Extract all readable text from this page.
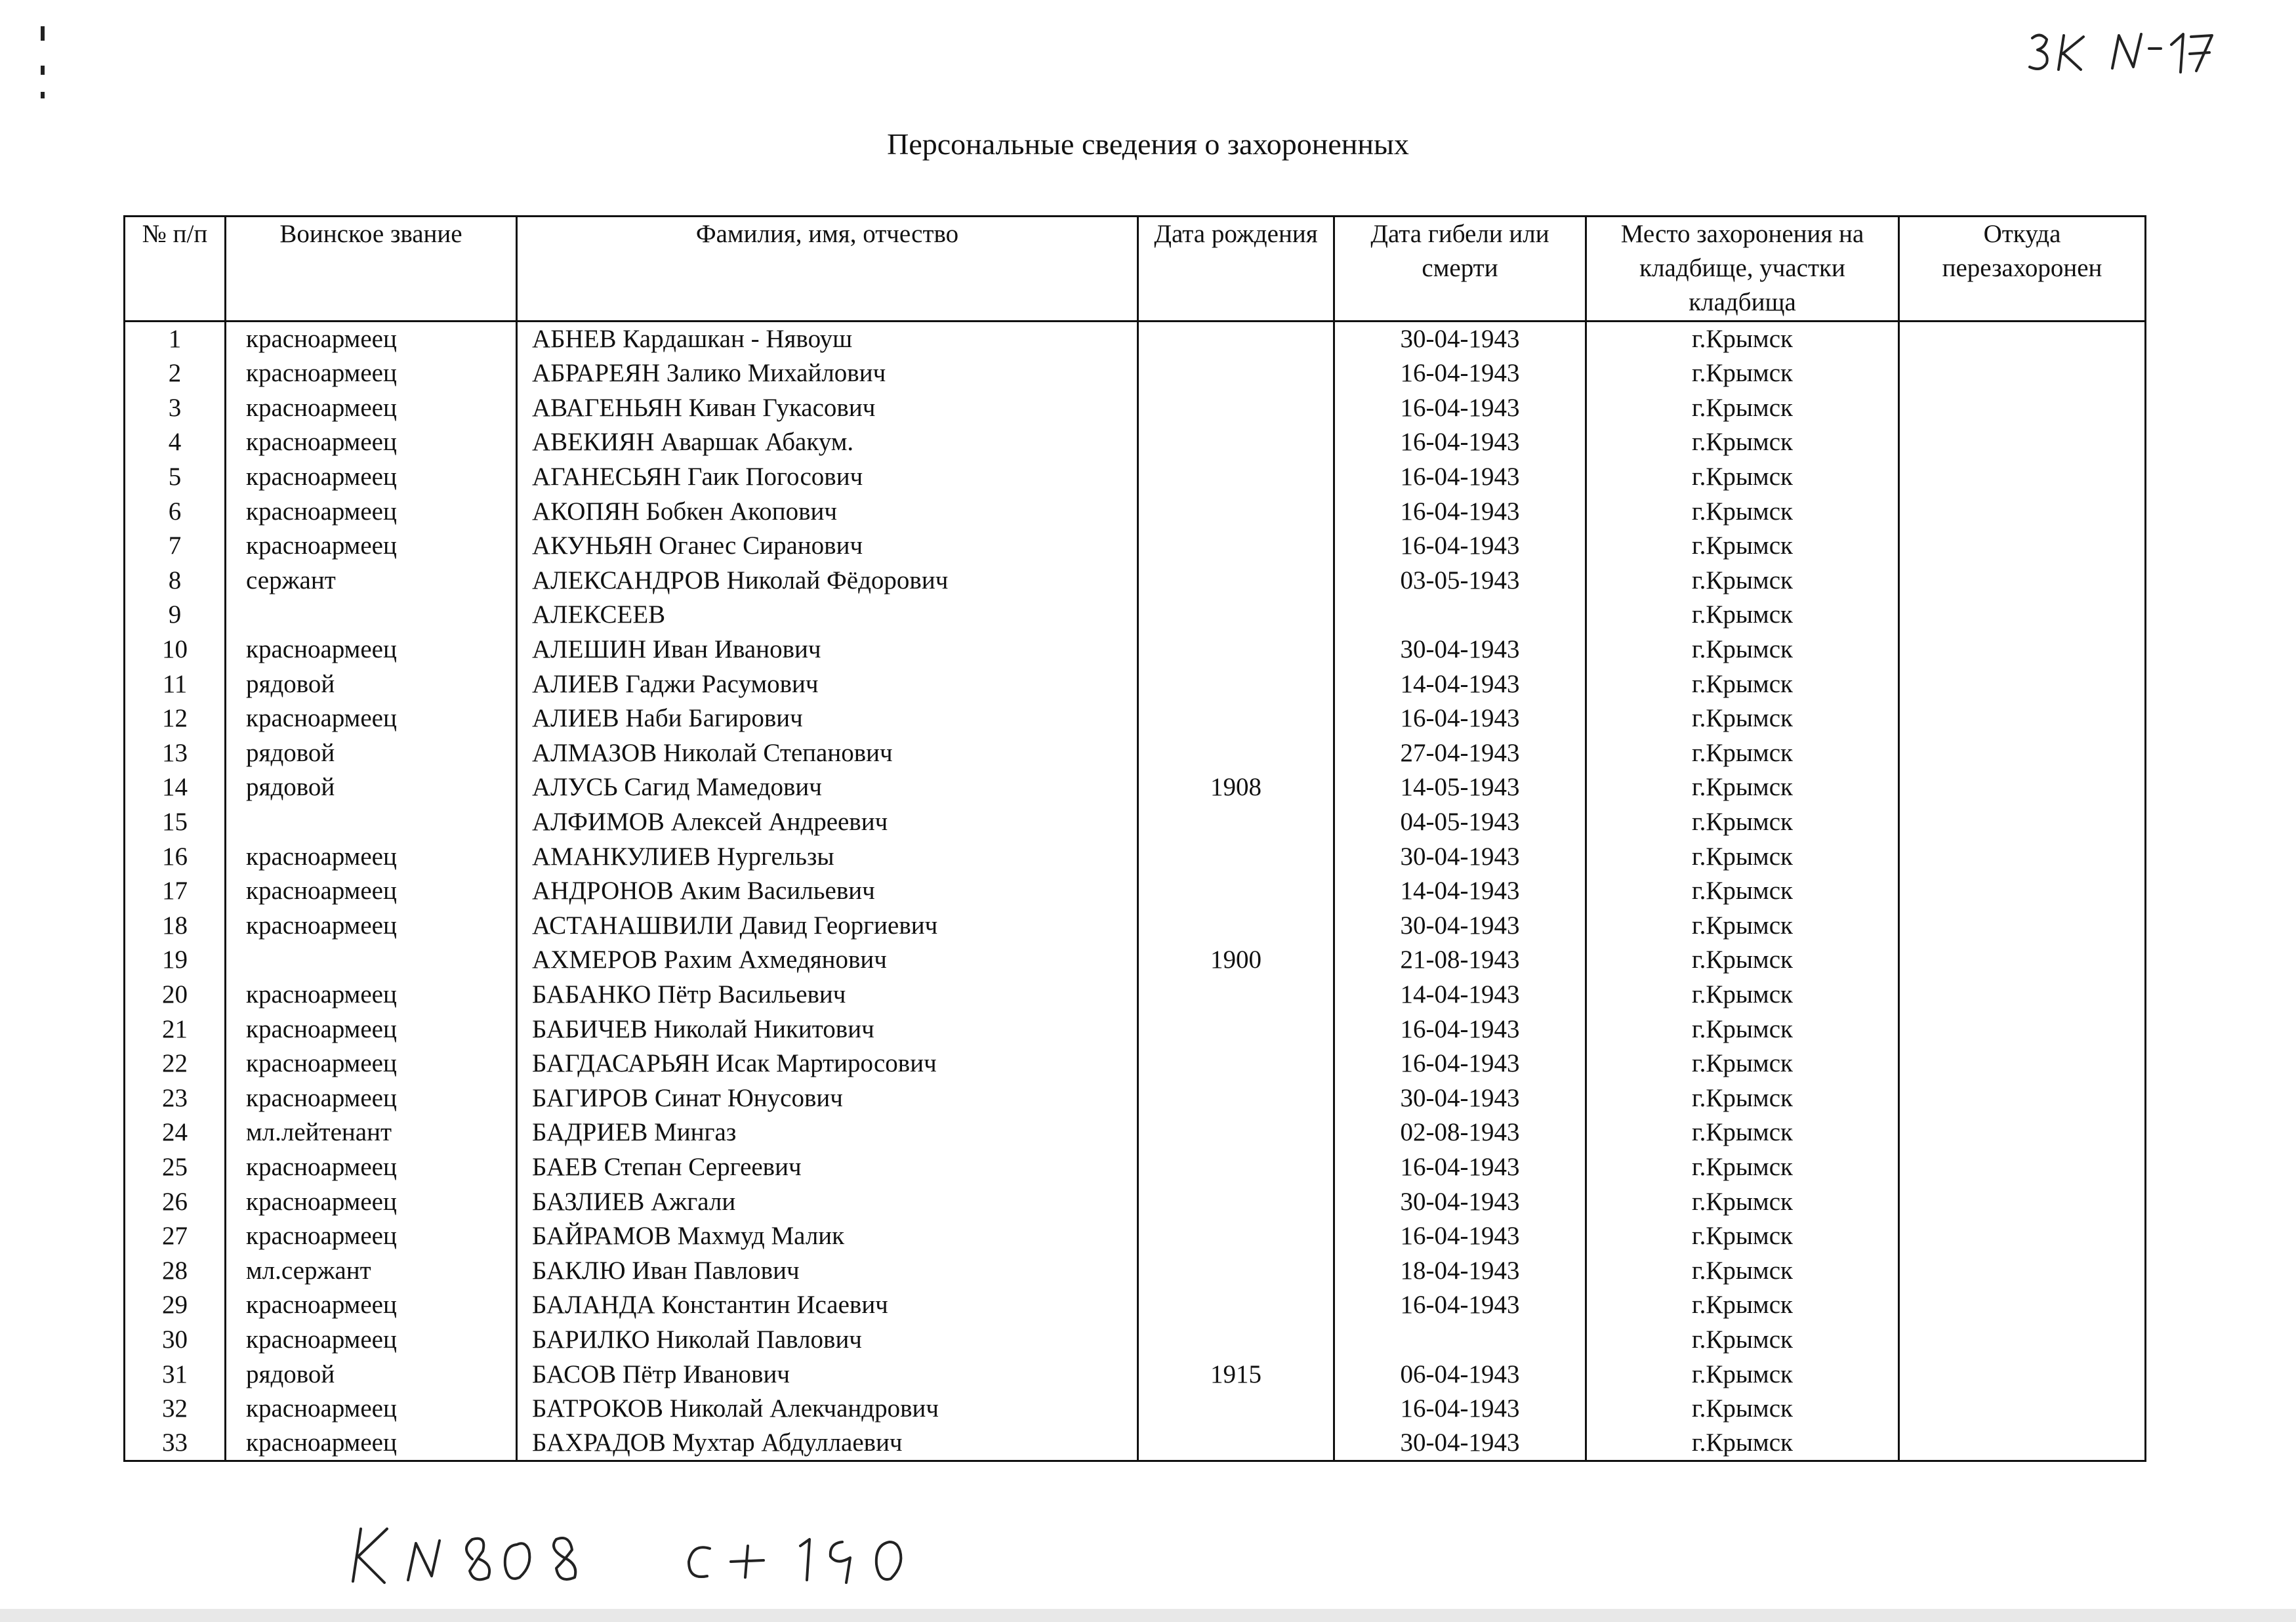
Персональные сведения о захороненных
№ п/п	Воинское звание	Фамилия, имя, отчество	Дата рождения	Дата гибели или смерти	Место захоронения на кладбище, участки кладбища	Откуда перезахоронен
1	красноармеец	АБНЕВ Кардашкан - Нявоуш		30-04-1943	г.Крымск	
2	красноармеец	АБРАРЕЯН Залико Михайлович		16-04-1943	г.Крымск	
3	красноармеец	АВАГЕНЬЯН Киван Гукасович		16-04-1943	г.Крымск	
4	красноармеец	АВЕКИЯН Аваршак Абакум.		16-04-1943	г.Крымск	
5	красноармеец	АГАНЕСЬЯН Гаик Погосович		16-04-1943	г.Крымск	
6	красноармеец	АКОПЯН Бобкен Акопович		16-04-1943	г.Крымск	
7	красноармеец	АКУНЬЯН Оганес Сиранович		16-04-1943	г.Крымск	
8	сержант	АЛЕКСАНДРОВ Николай Фёдорович		03-05-1943	г.Крымск	
9		АЛЕКСЕЕВ			г.Крымск	
10	красноармеец	АЛЕШИН Иван Иванович		30-04-1943	г.Крымск	
11	рядовой	АЛИЕВ Гаджи Расумович		14-04-1943	г.Крымск	
12	красноармеец	АЛИЕВ Наби Багирович		16-04-1943	г.Крымск	
13	рядовой	АЛМАЗОВ Николай Степанович		27-04-1943	г.Крымск	
14	рядовой	АЛУСЬ Сагид Мамедович	1908	14-05-1943	г.Крымск	
15		АЛФИМОВ Алексей Андреевич		04-05-1943	г.Крымск	
16	красноармеец	АМАНКУЛИЕВ Нургельзы		30-04-1943	г.Крымск	
17	красноармеец	АНДРОНОВ Аким Васильевич		14-04-1943	г.Крымск	
18	красноармеец	АСТАНАШВИЛИ Давид Георгиевич		30-04-1943	г.Крымск	
19		АХМЕРОВ Рахим Ахмедянович	1900	21-08-1943	г.Крымск	
20	красноармеец	БАБАНКО Пётр Васильевич		14-04-1943	г.Крымск	
21	красноармеец	БАБИЧЕВ Николай Никитович		16-04-1943	г.Крымск	
22	красноармеец	БАГДАСАРЬЯН Исак Мартиросович		16-04-1943	г.Крымск	
23	красноармеец	БАГИРОВ Синат Юнусович		30-04-1943	г.Крымск	
24	мл.лейтенант	БАДРИЕВ Мингаз		02-08-1943	г.Крымск	
25	красноармеец	БАЕВ Степан Сергеевич		16-04-1943	г.Крымск	
26	красноармеец	БАЗЛИЕВ Ажгали		30-04-1943	г.Крымск	
27	красноармеец	БАЙРАМОВ Махмуд Малик		16-04-1943	г.Крымск	
28	мл.сержант	БАКЛЮ Иван Павлович		18-04-1943	г.Крымск	
29	красноармеец	БАЛАНДА Константин Исаевич		16-04-1943	г.Крымск	
30	красноармеец	БАРИЛКО Николай Павлович			г.Крымск	
31	рядовой	БАСОВ Пётр Иванович	1915	06-04-1943	г.Крымск	
32	красноармеец	БАТРОКОВ Николай Алекчандрович		16-04-1943	г.Крымск	
33	красноармеец	БАХРАДОВ Мухтар Абдуллаевич		30-04-1943	г.Крымск	
